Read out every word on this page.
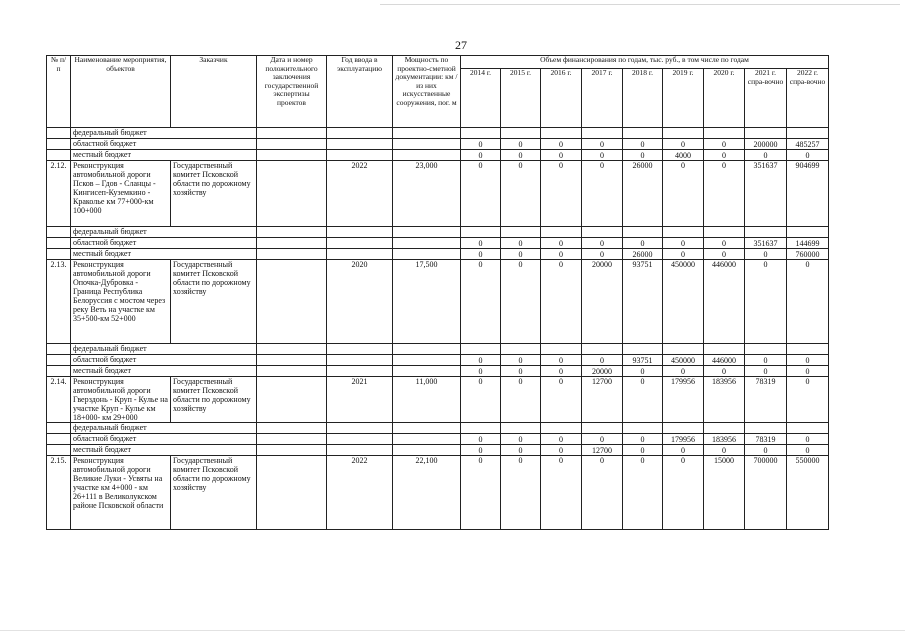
27
№ п/п	Наименование мероприятия, объектов	Заказчик	Дата и номер положительного заключения государственной экспертизы проектов	Год ввода в эксплуатацию	Мощность по проектно-сметной документации: км / из них искусственные сооружения, пог. м	Объем финансирования по годам, тыс. руб., в том числе по годам								
						2014 г.	2015 г.	2016 г.	2017 г.	2018 г.	2019 г.	2020 г.	2021 г. спра-вочно	2022 г. спра-вочно
	федеральный бюджет													
	областной бюджет					0	0	0	0	0	0	0	200000	485257
	местный бюджет					0	0	0	0	0	4000	0	0	0
2.12.	Реконструкция автомобильной дороги Псков – Гдов - Сланцы - Кингисеп-Куземкино - Краколье км 77+000-км 100+000	Государственный комитет Псковской области по дорожному хозяйству		2022	23,000	0	0	0	0	26000	0	0	351637	904699
	федеральный бюджет													
	областной бюджет					0	0	0	0	0	0	0	351637	144699
	местный бюджет					0	0	0	0	26000	0	0	0	760000
2.13.	Реконструкция автомобильной дороги Опочка-Дубровка - Граница Республика Белоруссия с мостом через реку Веть на участке км 35+500-км 52+000	Государственный комитет Псковской области по дорожному хозяйству		2020	17,500	0	0	0	20000	93751	450000	446000	0	0
	федеральный бюджет													
	областной бюджет					0	0	0	0	93751	450000	446000	0	0
	местный бюджет					0	0	0	20000	0	0	0	0	0
2.14.	Реконструкция автомобильной дороги Гверздонь - Круп - Кулье на участке Круп - Кулье км 18+000- км 29+000	Государственный комитет Псковской области по дорожному хозяйству		2021	11,000	0	0	0	12700	0	179956	183956	78319	0
	федеральный бюджет													
	областной бюджет					0	0	0	0	0	179956	183956	78319	0
	местный бюджет					0	0	0	12700	0	0	0	0	0
2.15.	Реконструкция автомобильной дороги Великие Луки - Усвяты на участке км 4+000 - км 26+111 в Великолукском районе Псковской области	Государственный комитет Псковской области по дорожному хозяйству		2022	22,100	0	0	0	0	0	0	15000	700000	550000
